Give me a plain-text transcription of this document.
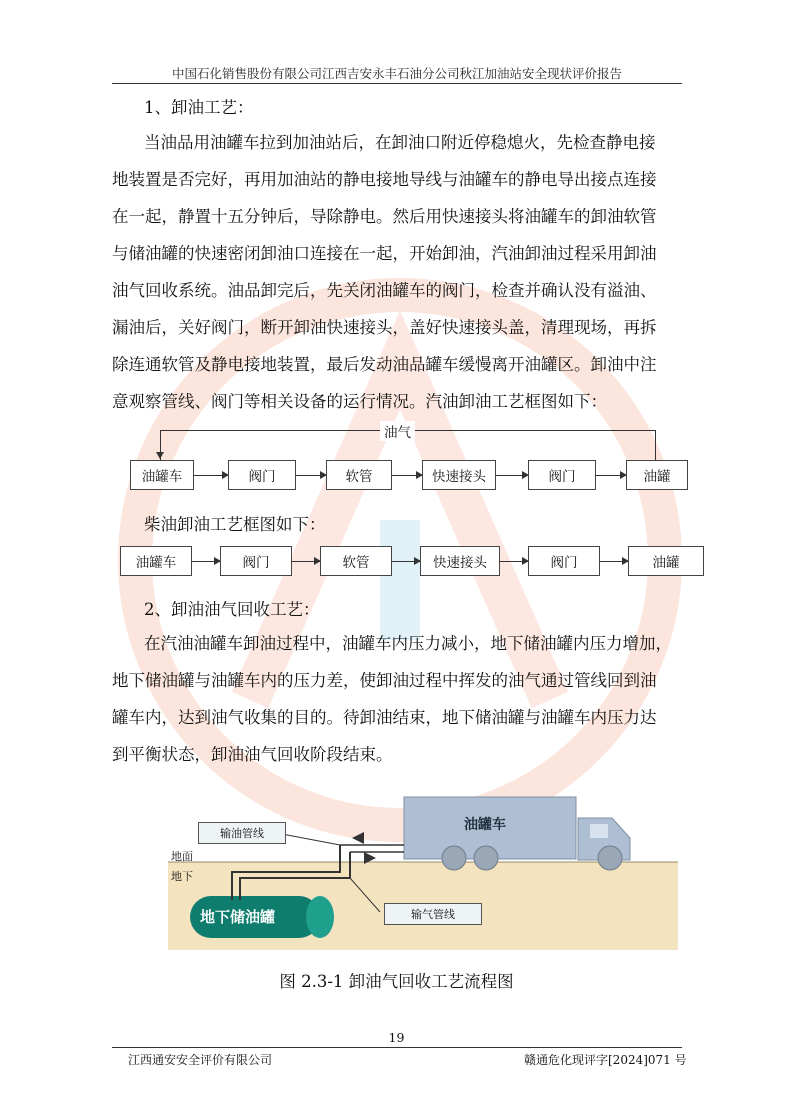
中国石化销售股份有限公司江西吉安永丰石油分公司秋江加油站安全现状评价报告
1、卸油工艺：
当油品用油罐车拉到加油站后，在卸油口附近停稳熄火，先检查静电接
地装置是否完好，再用加油站的静电接地导线与油罐车的静电导出接点连接
在一起，静置十五分钟后，导除静电。然后用快速接头将油罐车的卸油软管
与储油罐的快速密闭卸油口连接在一起，开始卸油，汽油卸油过程采用卸油
油气回收系统。油品卸完后，先关闭油罐车的阀门，检查并确认没有溢油、
漏油后，关好阀门，断开卸油快速接头，盖好快速接头盖，清理现场，再拆
除连通软管及静电接地装置，最后发动油品罐车缓慢离开油罐区。卸油中注
意观察管线、阀门等相关设备的运行情况。汽油卸油工艺框图如下：
油气
油罐车	阀门	软管	快速接头	阀门	油罐
柴油卸油工艺框图如下：
油罐车	阀门	软管	快速接头	阀门	油罐
2、卸油油气回收工艺：
在汽油油罐车卸油过程中，油罐车内压力减小，地下储油罐内压力增加，
地下储油罐与油罐车内的压力差，使卸油过程中挥发的油气通过管线回到油
罐车内，达到油气收集的目的。待卸油结束，地下储油罐与油罐车内压力达
到平衡状态，卸油油气回收阶段结束。
输油管线
输气管线
油罐车
地面
地下
地下储油罐
图 2.3-1 卸油气回收工艺流程图
19
江西通安安全评价有限公司	赣通危化现评字[2024]071 号
